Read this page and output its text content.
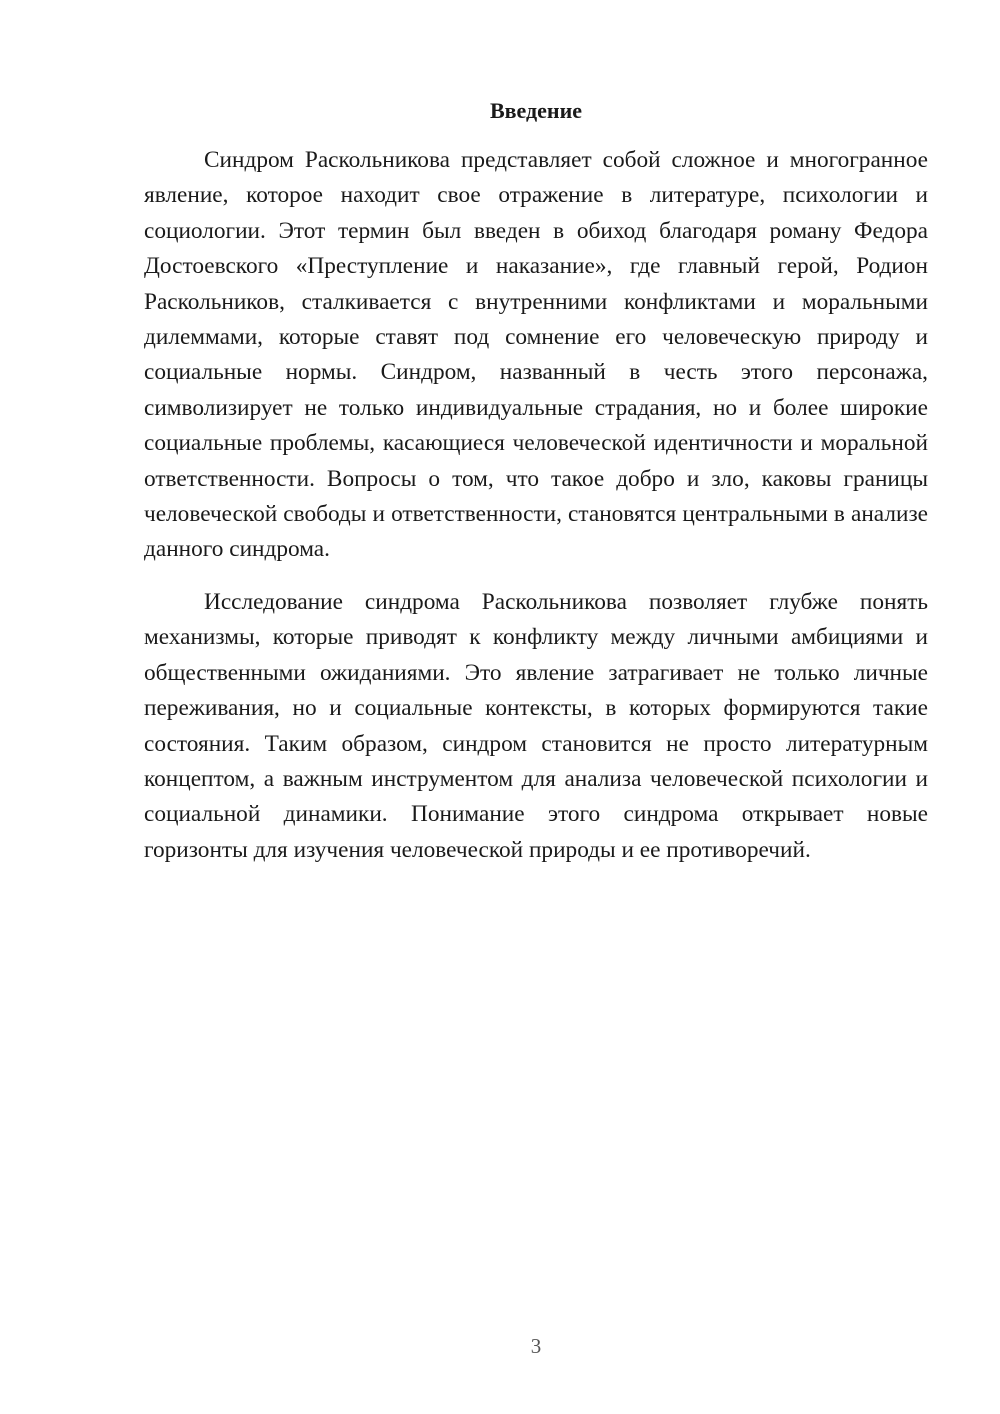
Введение

Синдром Раскольникова представляет собой сложное и многогранное явление, которое находит свое отражение в литературе, психологии и социологии. Этот термин был введен в обиход благодаря роману Федора Достоевского «Преступление и наказание», где главный герой, Родион Раскольников, сталкивается с внутренними конфликтами и моральными дилеммами, которые ставят под сомнение его человеческую природу и социальные нормы. Синдром, названный в честь этого персонажа, символизирует не только индивидуальные страдания, но и более широкие социальные проблемы, касающиеся человеческой идентичности и моральной ответственности. Вопросы о том, что такое добро и зло, каковы границы человеческой свободы и ответственности, становятся центральными в анализе данного синдрома.

Исследование синдрома Раскольникова позволяет глубже понять механизмы, которые приводят к конфликту между личными амбициями и общественными ожиданиями. Это явление затрагивает не только личные переживания, но и социальные контексты, в которых формируются такие состояния. Таким образом, синдром становится не просто литературным концептом, а важным инструментом для анализа человеческой психологии и социальной динамики. Понимание этого синдрома открывает новые горизонты для изучения человеческой природы и ее противоречий.

3
